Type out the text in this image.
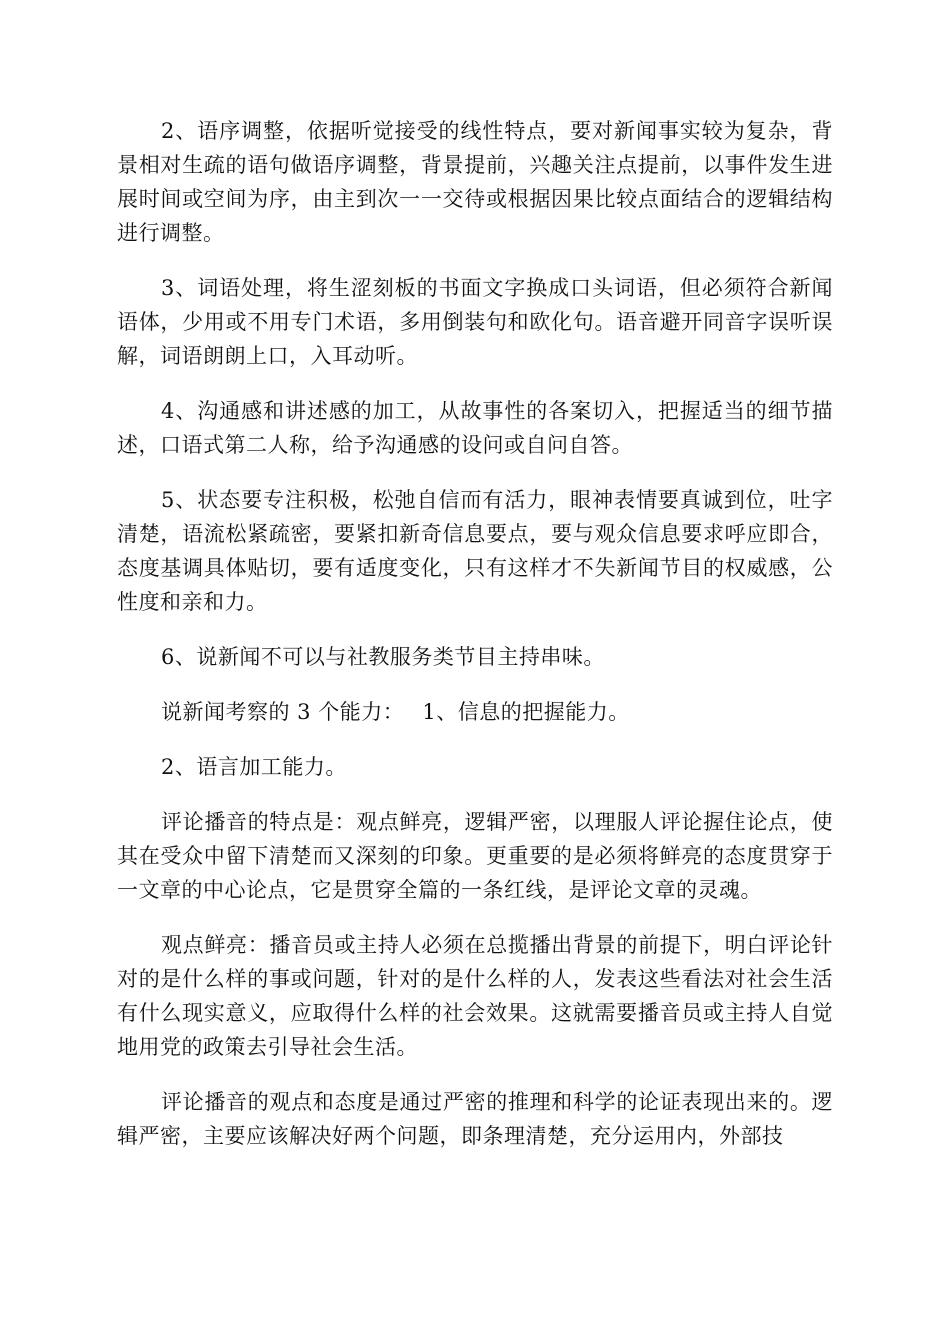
2、语序调整，依据听觉接受的线性特点，要对新闻事实较为复杂，背景相对生疏的语句做语序调整，背景提前，兴趣关注点提前，以事件发生进展时间或空间为序，由主到次一一交待或根据因果比较点面结合的逻辑结构进行调整。

3、词语处理，将生涩刻板的书面文字换成口头词语，但必须符合新闻语体，少用或不用专门术语，多用倒装句和欧化句。语音避开同音字误听误解，词语朗朗上口，入耳动听。

4、沟通感和讲述感的加工，从故事性的各案切入，把握适当的细节描述，口语式第二人称，给予沟通感的设问或自问自答。

5、状态要专注积极，松弛自信而有活力，眼神表情要真诚到位，吐字清楚，语流松紧疏密，要紧扣新奇信息要点，要与观众信息要求呼应即合，态度基调具体贴切，要有适度变化，只有这样才不失新闻节目的权威感，公性度和亲和力。

6、说新闻不可以与社教服务类节目主持串味。

说新闻考察的 3 个能力：　 1、信息的把握能力。

2、语言加工能力。

评论播音的特点是：观点鲜亮，逻辑严密，以理服人评论握住论点，使其在受众中留下清楚而又深刻的印象。更重要的是必须将鲜亮的态度贯穿于一文章的中心论点，它是贯穿全篇的一条红线，是评论文章的灵魂。

观点鲜亮：播音员或主持人必须在总揽播出背景的前提下，明白评论针对的是什么样的事或问题，针对的是什么样的人，发表这些看法对社会生活有什么现实意义，应取得什么样的社会效果。这就需要播音员或主持人自觉地用党的政策去引导社会生活。

评论播音的观点和态度是通过严密的推理和科学的论证表现出来的。逻辑严密，主要应该解决好两个问题，即条理清楚，充分运用内，外部技
